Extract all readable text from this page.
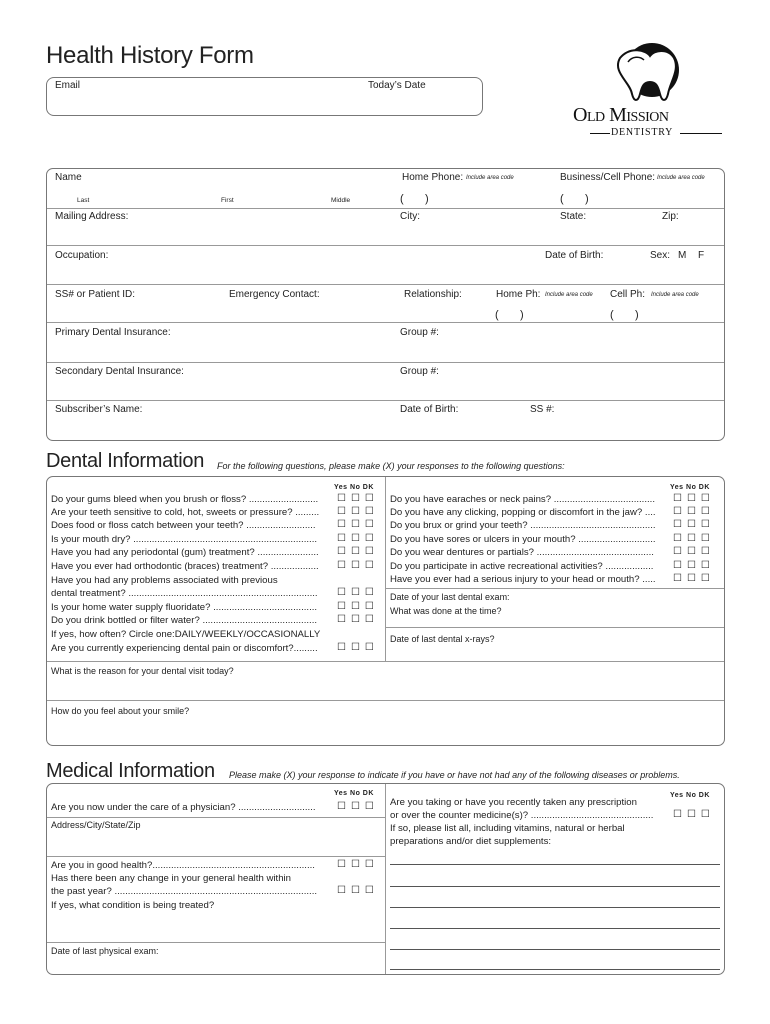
Health History Form
Email	Today’s Date
Old Mission
DENTISTRY
Name	Home Phone: Include area code	Business/Cell Phone: Include area code
Last	First	Middle	(       )	(       )
Mailing Address:	City:	State:	Zip:
Occupation:	Date of Birth:	Sex: M F
SS# or Patient ID:	Emergency Contact:	Relationship:	Home Ph: Include area code Cell Ph: Include area code
(       )	(       )
Primary Dental Insurance:	Group #:
Secondary Dental Insurance:	Group #:
Subscriber’s Name:	Date of Birth:	SS #:
Dental Information For the following questions, please make (X) your responses to the following questions:
Yes No DK	Yes No DK
Do your gums bleed when you brush or floss? .......................... ☐☐☐
Are your teeth sensitive to cold, hot, sweets or pressure? ......... ☐☐☐
Does food or floss catch between your teeth? .......................... ☐☐☐
Is your mouth dry? ..................................................................... ☐☐☐
Have you had any periodontal (gum) treatment? ....................... ☐☐☐
Have you ever had orthodontic (braces) treatment? .................. ☐☐☐
Have you had any problems associated with previous
dental treatment? ....................................................................... ☐☐☐
Is your home water supply fluoridate? ....................................... ☐☐☐
Do you drink bottled or filter water? ........................................... ☐☐☐
If yes, how often? Circle one:DAILY/WEEKLY/OCCASIONALLY
Are you currently experiencing dental pain or discomfort?......... ☐☐☐
Do you have earaches or neck pains? ...................................... ☐☐☐
Do you have any clicking, popping or discomfort in the jaw? .... ☐☐☐
Do you brux or grind your teeth? ............................................... ☐☐☐
Do you have sores or ulcers in your mouth? ............................. ☐☐☐
Do you wear dentures or partials? ............................................ ☐☐☐
Do you participate in active recreational activities? .................. ☐☐☐
Have you ever had a serious injury to your head or mouth? ..... ☐☐☐
Date of your last dental exam:
What was done at the time?
Date of last dental x-rays?
What is the reason for your dental visit today?
How do you feel about your smile?
Medical Information Please make (X) your response to indicate if you have or have not had any of the following diseases or problems.
Yes No DK	Yes No DK
Are you now under the care of a physician? ............................. ☐☐☐
Address/City/State/Zip
Are you in good health?............................................................. ☐☐☐
Has there been any change in your general health within
the past year? ............................................................................ ☐☐☐
If yes, what condition is being treated?
Date of last physical exam:
Are you taking or have you recently taken any prescription
or over the counter medicine(s)? .............................................. ☐☐☐
If so, please list all, including vitamins, natural or herbal
preparations and/or diet supplements:
